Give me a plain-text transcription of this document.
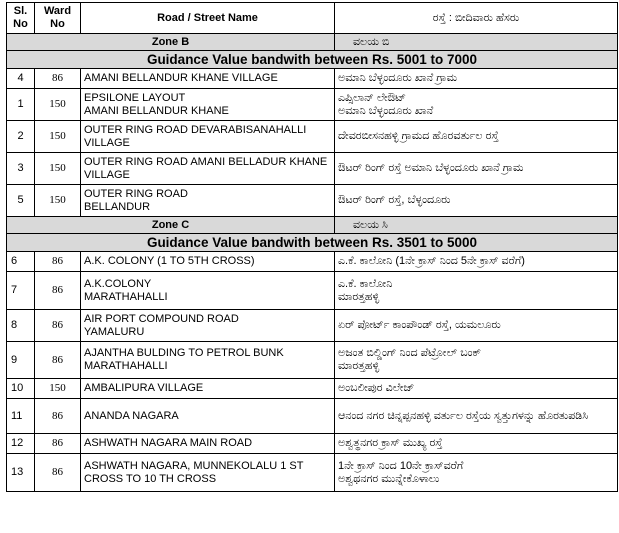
Sl. No	Ward No	Road / Street Name	ರಸ್ತೆ : ಬೀದಿವಾರು ಹೆಸರು
Zone B			ವಲಯ ಬಿ
Guidance Value bandwith between Rs. 5001 to 7000			
4	86	AMANI BELLANDUR KHANE VILLAGE	ಅಮಾನಿ ಬೆಳ್ಳಂದೂರು ಖಾನೆ ಗ್ರಾಮ

1	150	EPSILONE LAYOUT
AMANI BELLANDUR KHANE	ಎಪ್ಸಿಲಾನ್ ಲೇಔಟ್
ಅಮಾನಿ ಬೆಳ್ಳಂದೂರು ಖಾನೆ

2	150	OUTER RING ROAD DEVARABISANAHALLI
VILLAGE	ದೇವರಬೀಸನಹಳ್ಳಿ ಗ್ರಾಮದ ಹೊರವರ್ತುಲ ರಸ್ತೆ

3	150	OUTER RING ROAD AMANI BELLADUR KHANE
VILLAGE	ಔಟರ್ ರಿಂಗ್ ರಸ್ತೆ ಅಮಾನಿ ಬೆಳ್ಳಂದೂರು ಖಾನೆ ಗ್ರಾಮ

5	150	OUTER RING ROAD
BELLANDUR	ಔಟರ್ ರಿಂಗ್ ರಸ್ತೆ, ಬೆಳ್ಳಂದೂರು

Zone C			ವಲಯ ಸಿ
Guidance Value bandwith between Rs. 3501 to 5000			
6	86	A.K. COLONY (1 TO 5TH CROSS)	ಎ.ಕೆ. ಕಾಲೋನಿ (1ನೇ ಕ್ರಾಸ್ ನಿಂದ 5ನೇ ಕ್ರಾಸ್ ವರೆಗೆ)

7	86	A.K.COLONY
MARATHAHALLI	ಎ.ಕೆ. ಕಾಲೋನಿ
ಮಾರತ್ತಹಳ್ಳಿ

8	86	AIR PORT COMPOUND ROAD
YAMALURU	ಏರ್ ಪೋರ್ಟ್ ಕಾಂಪೌಂಡ್ ರಸ್ತೆ, ಯಮಲೂರು

9	86	AJANTHA BULDING TO PETROL BUNK
MARATHAHALLI	ಅಜಂತ ಬಿಲ್ಡಿಂಗ್ ನಿಂದ ಪೆಟ್ರೋಲ್ ಬಂಕ್
ಮಾರತ್ತಹಳ್ಳಿ

10	150	AMBALIPURA VILLAGE	ಅಂಬಲೀಪುರ ವಿಲೇಜ್

11	86	ANANDA NAGARA	ಆನಂದ ನಗರ ಚಿನ್ನಪ್ಪನಹಳ್ಳಿ ವರ್ತುಲ ರಸ್ತೆಯ ಸ್ವತ್ತುಗಳನ್ನು ಹೊರತುಪಡಿಸಿ

12	86	ASHWATH NAGARA MAIN ROAD	ಅಶ್ವತ್ಥನಗರ ಕ್ರಾಸ್ ಮುಖ್ಯ ರಸ್ತೆ

13	86	ASHWATH NAGARA, MUNNEKOLALU 1 ST
CROSS TO 10 TH CROSS	1ನೇ ಕ್ರಾಸ್ ನಿಂದ 10ನೇ ಕ್ರಾಸ್‌ವರೆಗೆ
ಅಶ್ವಥನಗರ ಮುನ್ನೇಕೊಳಾಲು
